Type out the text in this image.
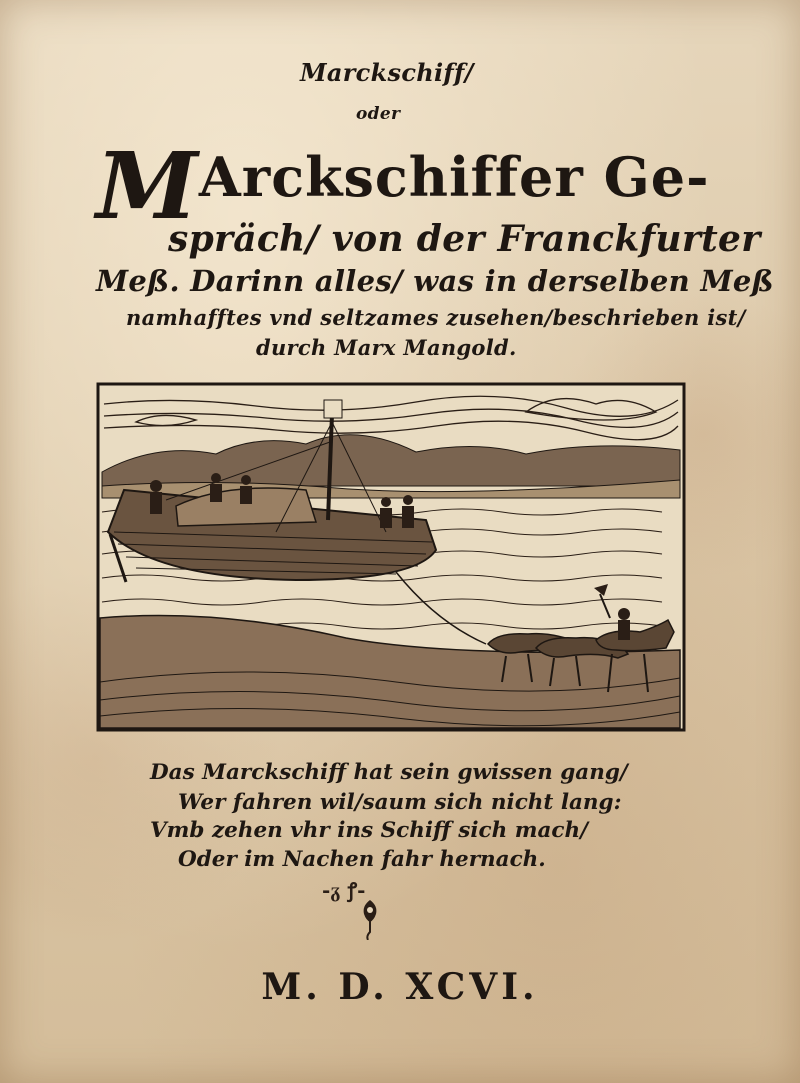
Marckschiff/
oder
MArckschiffer Ge-
spräch/ von der Franckfurter
Meß. Darinn alles/ was in derselben Meß
namhafftes vnd seltzames zusehen/beschrieben ist/
durch Marx Mangold.
Das Marckschiff hat sein gwissen gang/
Wer fahren wil/saum sich nicht lang:
Vmb zehen vhr ins Schiff sich mach/
Oder im Nachen fahr hernach.
-ᵹ ꝭ-
M. D. XCVI.
